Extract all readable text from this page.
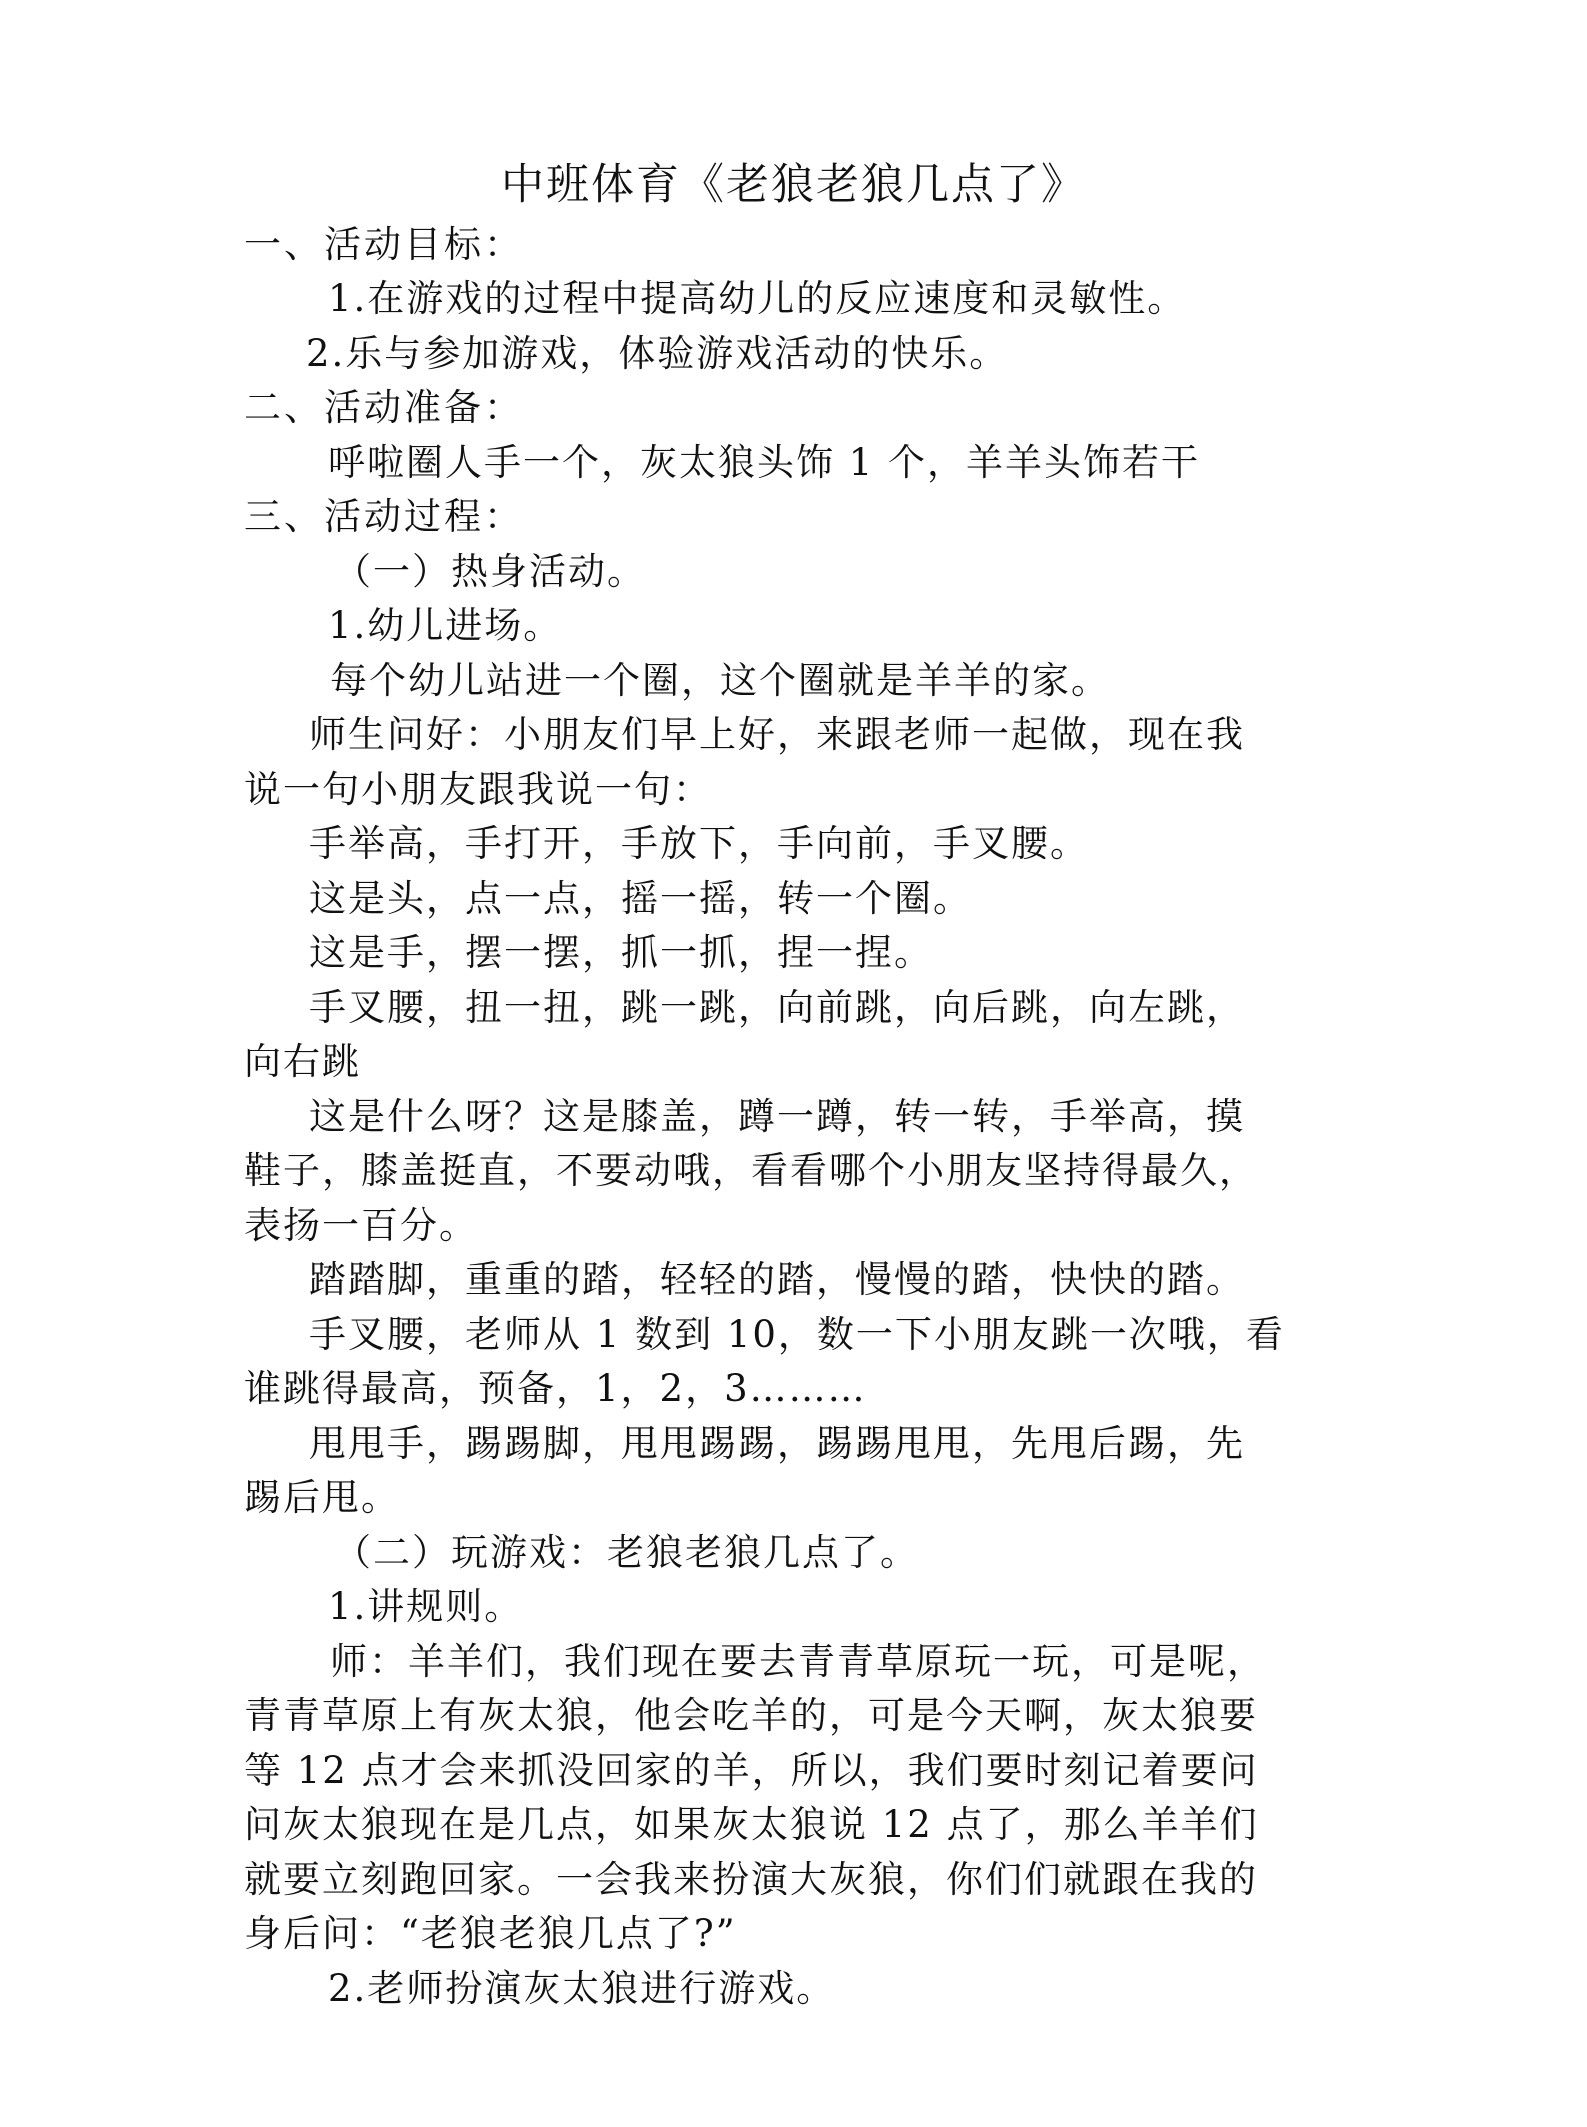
中班体育《老狼老狼几点了》
一、活动目标：
1.在游戏的过程中提高幼儿的反应速度和灵敏性。
2.乐与参加游戏，体验游戏活动的快乐。
二、活动准备：
呼啦圈人手一个，灰太狼头饰 1 个，羊羊头饰若干
三、活动过程：
（一）热身活动。
1.幼儿进场。
每个幼儿站进一个圈，这个圈就是羊羊的家。
师生问好：小朋友们早上好，来跟老师一起做，现在我
说一句小朋友跟我说一句：
手举高，手打开，手放下，手向前，手叉腰。
这是头，点一点，摇一摇，转一个圈。
这是手，摆一摆，抓一抓，捏一捏。
手叉腰，扭一扭，跳一跳，向前跳，向后跳，向左跳，
向右跳
这是什么呀？这是膝盖，蹲一蹲，转一转，手举高，摸
鞋子，膝盖挺直，不要动哦，看看哪个小朋友坚持得最久，
表扬一百分。
踏踏脚，重重的踏，轻轻的踏，慢慢的踏，快快的踏。
手叉腰，老师从 1 数到 10，数一下小朋友跳一次哦，看
谁跳得最高，预备，1，2，3………
甩甩手，踢踢脚，甩甩踢踢，踢踢甩甩，先甩后踢，先
踢后甩。
（二）玩游戏：老狼老狼几点了。
1.讲规则。
师：羊羊们，我们现在要去青青草原玩一玩，可是呢，
青青草原上有灰太狼，他会吃羊的，可是今天啊，灰太狼要
等 12 点才会来抓没回家的羊，所以，我们要时刻记着要问
问灰太狼现在是几点，如果灰太狼说 12 点了，那么羊羊们
就要立刻跑回家。一会我来扮演大灰狼，你们们就跟在我的
身后问：“老狼老狼几点了?”
2.老师扮演灰太狼进行游戏。
